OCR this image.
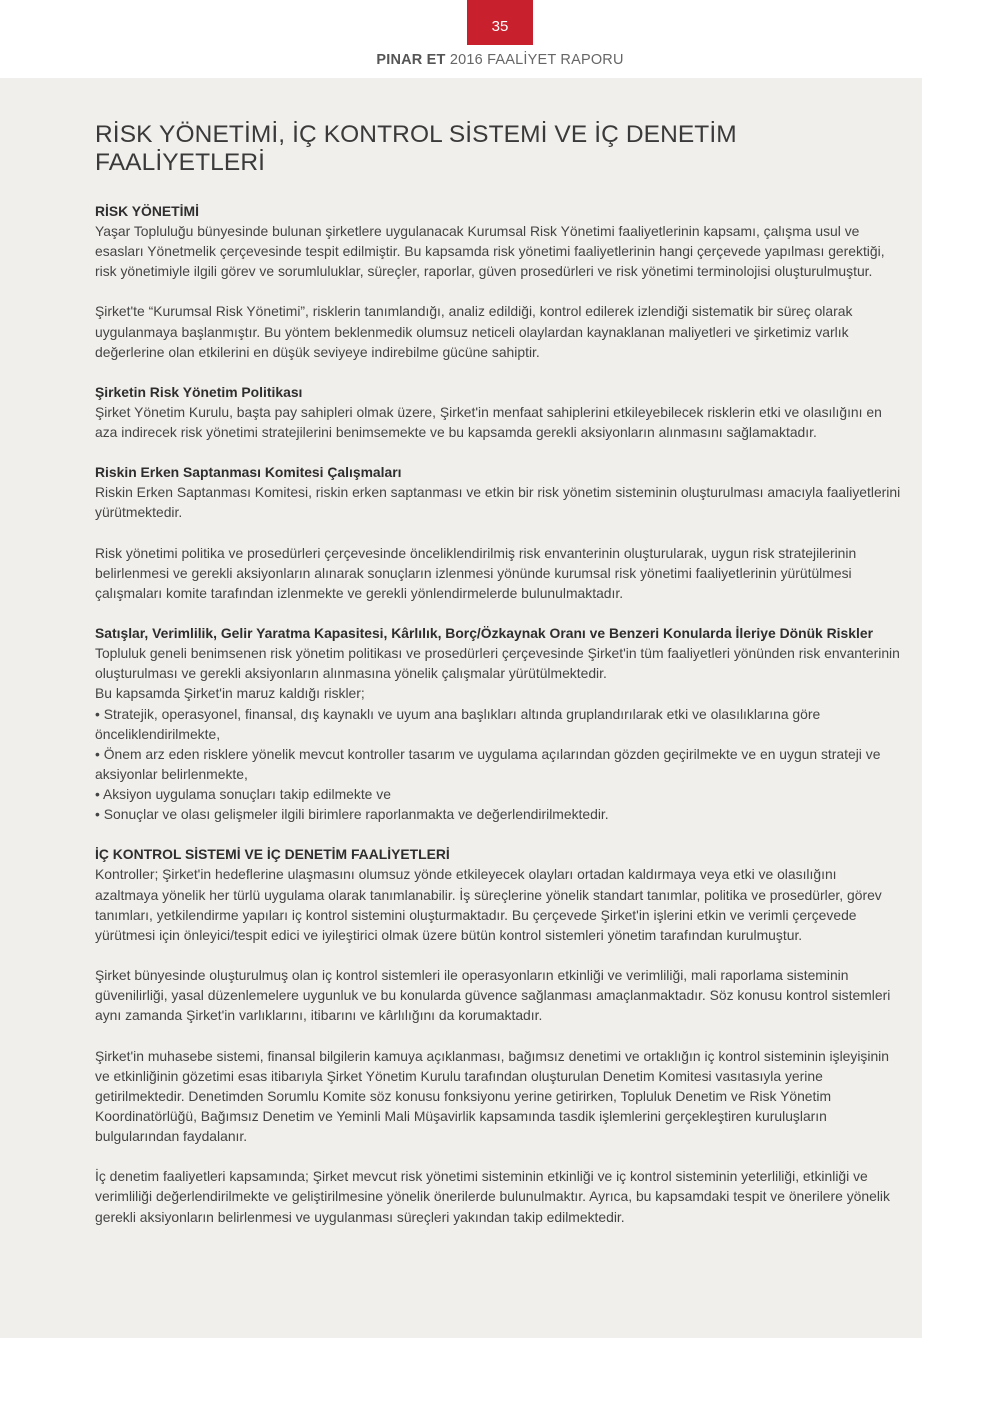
35
PINAR ET 2016 FAALİYET RAPORU
RİSK YÖNETİMİ, İÇ KONTROL SİSTEMİ VE İÇ DENETİM FAALİYETLERİ
RİSK YÖNETİMİ

Yaşar Topluluğu bünyesinde bulunan şirketlere uygulanacak Kurumsal Risk Yönetimi faaliyetlerinin kapsamı, çalışma usul ve esasları Yönetmelik çerçevesinde tespit edilmiştir. Bu kapsamda risk yönetimi faaliyetlerinin hangi çerçevede yapılması gerektiği, risk yönetimiyle ilgili görev ve sorumluluklar, süreçler, raporlar, güven prosedürleri ve risk yönetimi terminolojisi oluşturulmuştur.

Şirket'te “Kurumsal Risk Yönetimi”, risklerin tanımlandığı, analiz edildiği, kontrol edilerek izlendiği sistematik bir süreç olarak uygulanmaya başlanmıştır. Bu yöntem beklenmedik olumsuz neticeli olaylardan kaynaklanan maliyetleri ve şirketimiz varlık değerlerine olan etkilerini en düşük seviyeye indirebilme gücüne sahiptir.

Şirketin Risk Yönetim Politikası

Şirket Yönetim Kurulu, başta pay sahipleri olmak üzere, Şirket'in menfaat sahiplerini etkileyebilecek risklerin etki ve olasılığını en aza indirecek risk yönetimi stratejilerini benimsemekte ve bu kapsamda gerekli aksiyonların alınmasını sağlamaktadır.

Riskin Erken Saptanması Komitesi Çalışmaları

Riskin Erken Saptanması Komitesi, riskin erken saptanması ve etkin bir risk yönetim sisteminin oluşturulması amacıyla faaliyetlerini yürütmektedir.

Risk yönetimi politika ve prosedürleri çerçevesinde önceliklendirilmiş risk envanterinin oluşturularak, uygun risk stratejilerinin belirlenmesi ve gerekli aksiyonların alınarak sonuçların izlenmesi yönünde kurumsal risk yönetimi faaliyetlerinin yürütülmesi çalışmaları komite tarafından izlenmekte ve gerekli yönlendirmelerde bulunulmaktadır.

Satışlar, Verimlilik, Gelir Yaratma Kapasitesi, Kârlılık, Borç/Özkaynak Oranı ve Benzeri Konularda İleriye Dönük Riskler

Topluluk geneli benimsenen risk yönetim politikası ve prosedürleri çerçevesinde Şirket'in tüm faaliyetleri yönünden risk envanterinin oluşturulması ve gerekli aksiyonların alınmasına yönelik çalışmalar yürütülmektedir.

Bu kapsamda Şirket'in maruz kaldığı riskler;

• Stratejik, operasyonel, finansal, dış kaynaklı ve uyum ana başlıkları altında gruplandırılarak etki ve olasılıklarına göre önceliklendirilmekte,

• Önem arz eden risklere yönelik mevcut kontroller tasarım ve uygulama açılarından gözden geçirilmekte ve en uygun strateji ve aksiyonlar belirlenmekte,

• Aksiyon uygulama sonuçları takip edilmekte ve

• Sonuçlar ve olası gelişmeler ilgili birimlere raporlanmakta ve değerlendirilmektedir.

İÇ KONTROL SİSTEMİ VE İÇ DENETİM FAALİYETLERİ

Kontroller; Şirket'in hedeflerine ulaşmasını olumsuz yönde etkileyecek olayları ortadan kaldırmaya veya etki ve olasılığını azaltmaya yönelik her türlü uygulama olarak tanımlanabilir. İş süreçlerine yönelik standart tanımlar, politika ve prosedürler, görev tanımları, yetkilendirme yapıları iç kontrol sistemini oluşturmaktadır. Bu çerçevede Şirket'in işlerini etkin ve verimli çerçevede yürütmesi için önleyici/tespit edici ve iyileştirici olmak üzere bütün kontrol sistemleri yönetim tarafından kurulmuştur.

Şirket bünyesinde oluşturulmuş olan iç kontrol sistemleri ile operasyonların etkinliği ve verimliliği, mali raporlama sisteminin güvenilirliği, yasal düzenlemelere uygunluk ve bu konularda güvence sağlanması amaçlanmaktadır. Söz konusu kontrol sistemleri aynı zamanda Şirket'in varlıklarını, itibarını ve kârlılığını da korumaktadır.

Şirket'in muhasebe sistemi, finansal bilgilerin kamuya açıklanması, bağımsız denetimi ve ortaklığın iç kontrol sisteminin işleyişinin ve etkinliğinin gözetimi esas itibarıyla Şirket Yönetim Kurulu tarafından oluşturulan Denetim Komitesi vasıtasıyla yerine getirilmektedir. Denetimden Sorumlu Komite söz konusu fonksiyonu yerine getirirken, Topluluk Denetim ve Risk Yönetim Koordinatörlüğü, Bağımsız Denetim ve Yeminli Mali Müşavirlik kapsamında tasdik işlemlerini gerçekleştiren kuruluşların bulgularından faydalanır.

İç denetim faaliyetleri kapsamında; Şirket mevcut risk yönetimi sisteminin etkinliği ve iç kontrol sisteminin yeterliliği, etkinliği ve verimliliği değerlendirilmekte ve geliştirilmesine yönelik önerilerde bulunulmaktır. Ayrıca, bu kapsamdaki tespit ve önerilere yönelik gerekli aksiyonların belirlenmesi ve uygulanması süreçleri yakından takip edilmektedir.
